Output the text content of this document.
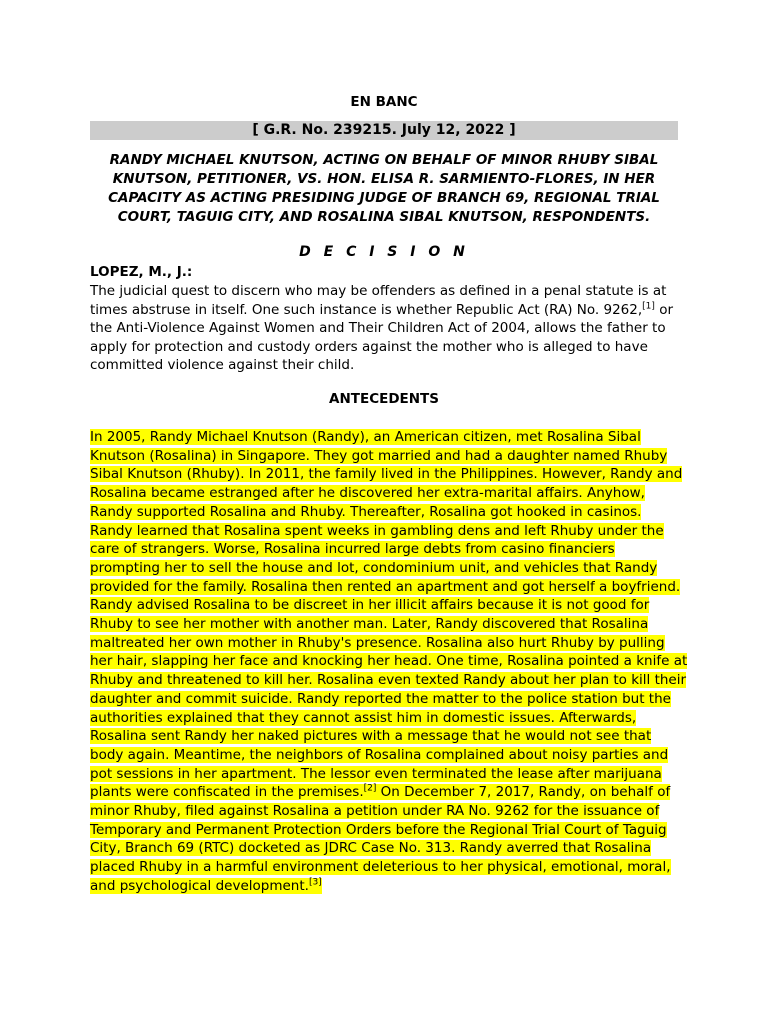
EN BANC
[ G.R. No. 239215. July 12, 2022 ]
RANDY MICHAEL KNUTSON, ACTING ON BEHALF OF MINOR RHUBY SIBAL
KNUTSON, PETITIONER, VS. HON. ELISA R. SARMIENTO-FLORES, IN HER
CAPACITY AS ACTING PRESIDING JUDGE OF BRANCH 69, REGIONAL TRIAL
COURT, TAGUIG CITY, AND ROSALINA SIBAL KNUTSON, RESPONDENTS.
D E C I S I O N
LOPEZ, M., J.:
The judicial quest to discern who may be offenders as defined in a penal statute is at
times abstruse in itself. One such instance is whether Republic Act (RA) No. 9262,[1] or
the Anti-Violence Against Women and Their Children Act of 2004, allows the father to
apply for protection and custody orders against the mother who is alleged to have
committed violence against their child.
ANTECEDENTS
In 2005, Randy Michael Knutson (Randy), an American citizen, met Rosalina Sibal
Knutson (Rosalina) in Singapore. They got married and had a daughter named Rhuby
Sibal Knutson (Rhuby). In 2011, the family lived in the Philippines. However, Randy and
Rosalina became estranged after he discovered her extra-marital affairs. Anyhow,
Randy supported Rosalina and Rhuby. Thereafter, Rosalina got hooked in casinos.
Randy learned that Rosalina spent weeks in gambling dens and left Rhuby under the
care of strangers. Worse, Rosalina incurred large debts from casino financiers
prompting her to sell the house and lot, condominium unit, and vehicles that Randy
provided for the family. Rosalina then rented an apartment and got herself a boyfriend.
Randy advised Rosalina to be discreet in her illicit affairs because it is not good for
Rhuby to see her mother with another man. Later, Randy discovered that Rosalina
maltreated her own mother in Rhuby's presence. Rosalina also hurt Rhuby by pulling
her hair, slapping her face and knocking her head. One time, Rosalina pointed a knife at
Rhuby and threatened to kill her. Rosalina even texted Randy about her plan to kill their
daughter and commit suicide. Randy reported the matter to the police station but the
authorities explained that they cannot assist him in domestic issues. Afterwards,
Rosalina sent Randy her naked pictures with a message that he would not see that
body again. Meantime, the neighbors of Rosalina complained about noisy parties and
pot sessions in her apartment. The lessor even terminated the lease after marijuana
plants were confiscated in the premises.[2] On December 7, 2017, Randy, on behalf of
minor Rhuby, filed against Rosalina a petition under RA No. 9262 for the issuance of
Temporary and Permanent Protection Orders before the Regional Trial Court of Taguig
City, Branch 69 (RTC) docketed as JDRC Case No. 313. Randy averred that Rosalina
placed Rhuby in a harmful environment deleterious to her physical, emotional, moral,
and psychological development.[3]
